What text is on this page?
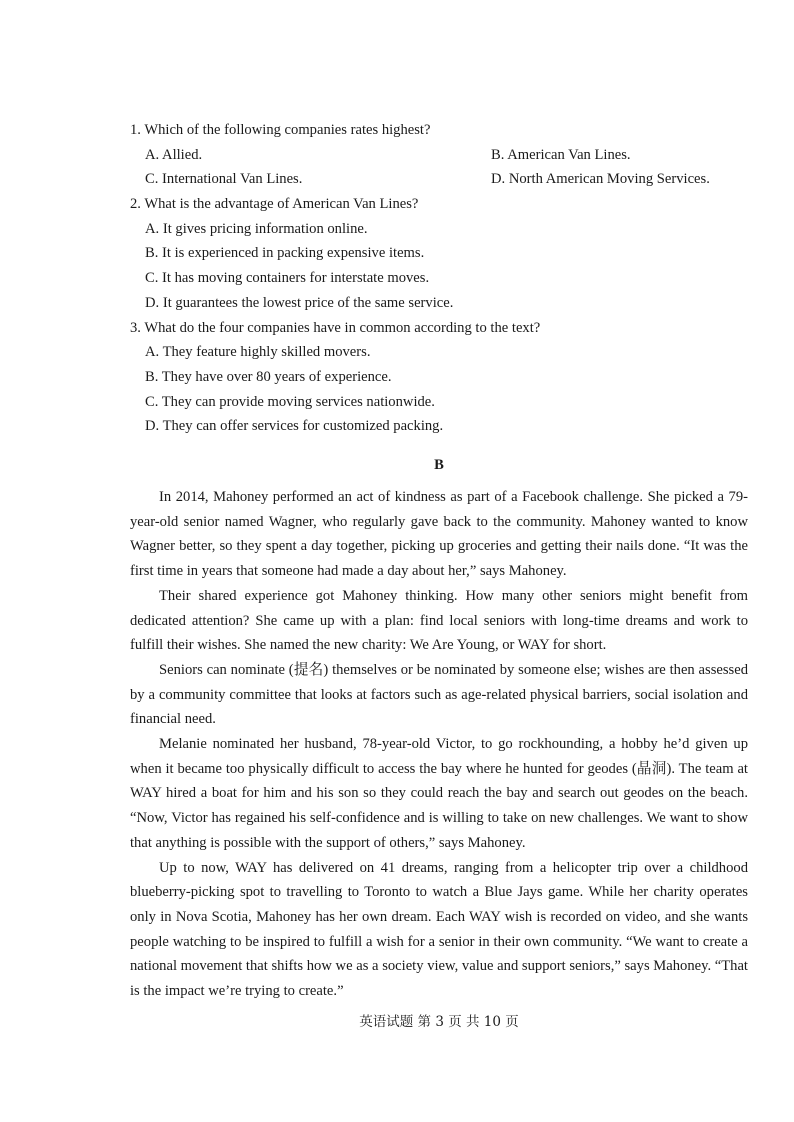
1. Which of the following companies rates highest?
A. Allied.	B. American Van Lines.
C. International Van Lines.	D. North American Moving Services.
2. What is the advantage of American Van Lines?
A. It gives pricing information online.
B. It is experienced in packing expensive items.
C. It has moving containers for interstate moves.
D. It guarantees the lowest price of the same service.
3. What do the four companies have in common according to the text?
A. They feature highly skilled movers.
B. They have over 80 years of experience.
C. They can provide moving services nationwide.
D. They can offer services for customized packing.
B

In 2014, Mahoney performed an act of kindness as part of a Facebook challenge. She picked a 79-year-old senior named Wagner, who regularly gave back to the community. Mahoney wanted to know Wagner better, so they spent a day together, picking up groceries and getting their nails done. “It was the first time in years that someone had made a day about her,” says Mahoney.

Their shared experience got Mahoney thinking. How many other seniors might benefit from dedicated attention? She came up with a plan: find local seniors with long-time dreams and work to fulfill their wishes. She named the new charity: We Are Young, or WAY for short.

Seniors can nominate (提名) themselves or be nominated by someone else; wishes are then assessed by a community committee that looks at factors such as age-related physical barriers, social isolation and financial need.

Melanie nominated her husband, 78-year-old Victor, to go rockhounding, a hobby he’d given up when it became too physically difficult to access the bay where he hunted for geodes (晶洞). The team at WAY hired a boat for him and his son so they could reach the bay and search out geodes on the beach. “Now, Victor has regained his self-confidence and is willing to take on new challenges. We want to show that anything is possible with the support of others,” says Mahoney.

Up to now, WAY has delivered on 41 dreams, ranging from a helicopter trip over a childhood blueberry-picking spot to travelling to Toronto to watch a Blue Jays game. While her charity operates only in Nova Scotia, Mahoney has her own dream. Each WAY wish is recorded on video, and she wants people watching to be inspired to fulfill a wish for a senior in their own community. “We want to create a national movement that shifts how we as a society view, value and support seniors,” says Mahoney. “That is the impact we’re trying to create.”

英语试题 第 3 页 共 10 页
